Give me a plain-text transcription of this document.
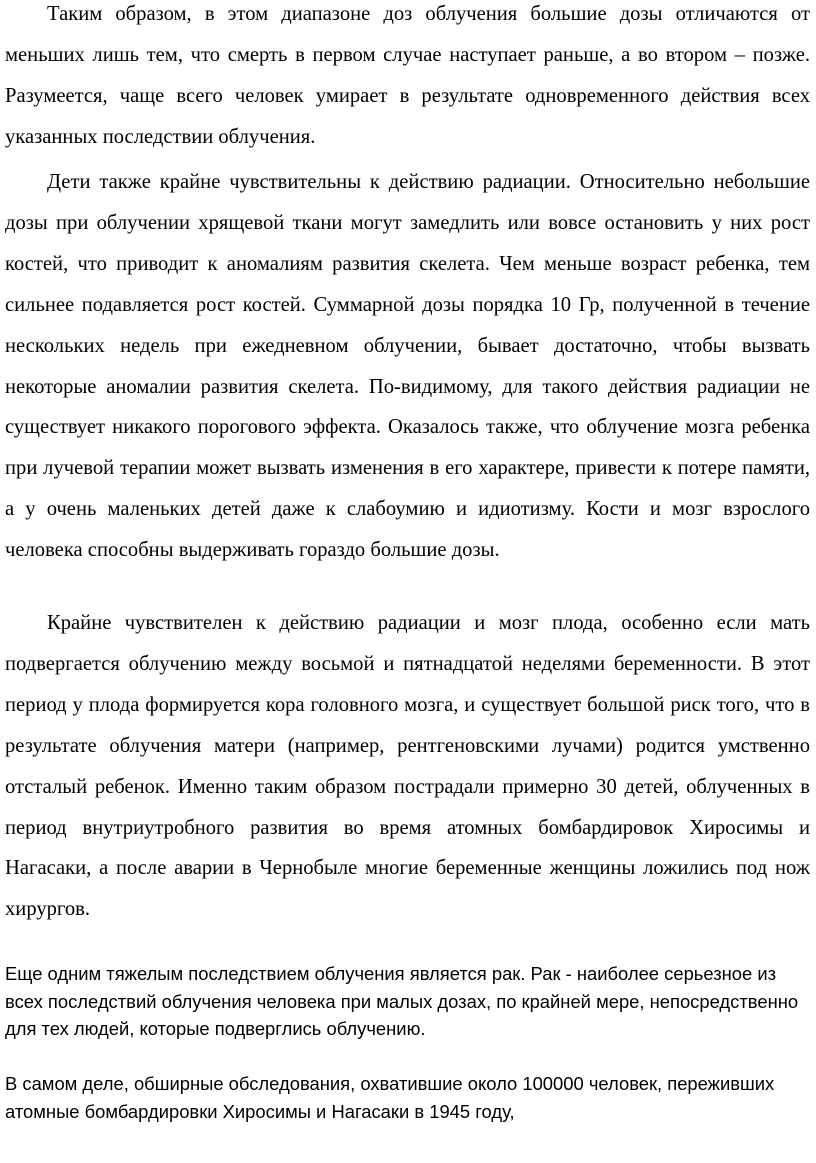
Таким образом, в этом диапазоне доз облучения большие дозы отличаются от меньших лишь тем, что смерть в первом случае наступает раньше, а во втором – позже. Разумеется, чаще всего человек умирает в результате одновременного действия всех указанных последствии облучения.

Дети также крайне чувствительны к действию радиации. Относительно небольшие дозы при облучении хрящевой ткани могут замедлить или вовсе остановить у них рост костей, что приводит к аномалиям развития скелета. Чем меньше возраст ребенка, тем сильнее подавляется рост костей. Суммарной дозы порядка 10 Гр, полученной в течение нескольких недель при ежедневном облучении, бывает достаточно, чтобы вызвать некоторые аномалии развития скелета. По-видимому, для такого действия радиации не существует никакого порогового эффекта. Оказалось также, что облучение мозга ребенка при лучевой терапии может вызвать изменения в его характере, привести к потере памяти, а у очень маленьких детей даже к слабоумию и идиотизму. Кости и мозг взрослого человека способны выдерживать гораздо большие дозы.

Крайне чувствителен к действию радиации и мозг плода, особенно если мать подвергается облучению между восьмой и пятнадцатой неделями беременности. В этот период у плода формируется кора головного мозга, и существует большой риск того, что в результате облучения матери (например, рентгеновскими лучами) родится умственно отсталый ребенок. Именно таким образом пострадали примерно 30 детей, облученных в период внутриутробного развития во время атомных бомбардировок Хиросимы и Нагасаки, а после аварии в Чернобыле многие беременные женщины ложились под нож хирургов.

Еще одним тяжелым последствием облучения является рак. Рак - наиболее серьезное из всех последствий облучения человека при малых дозах, по крайней мере, непосредственно для тех людей, которые подверглись облучению.

В самом деле, обширные обследования, охватившие около 100000 человек, переживших атомные бомбардировки Хиросимы и Нагасаки в 1945 году,
